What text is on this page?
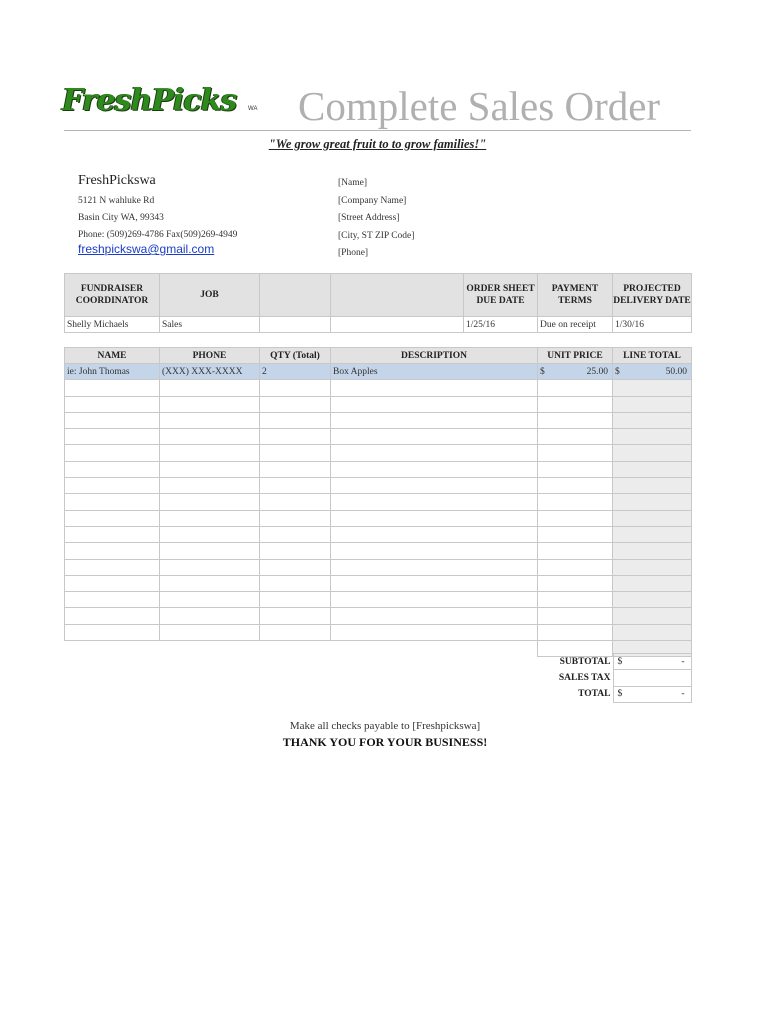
FreshPicks WA Complete Sales Order
"We grow great fruit to to grow families!"
FreshPickswa
5121 N wahluke Rd
Basin City WA, 99343
Phone: (509)269-4786 Fax(509)269-4949
freshpickswa@gmail.com
[Name]
[Company Name]
[Street Address]
[City, ST ZIP Code]
[Phone]
FUNDRAISER COORDINATOR	JOB			ORDER SHEET DUE DATE	PAYMENT TERMS	PROJECTED DELIVERY DATE
Shelly Michaels	Sales			1/25/16	Due on receipt	1/30/16
NAME	PHONE	QTY (Total)	DESCRIPTION	UNIT PRICE	LINE TOTAL
ie: John Thomas	(XXX) XXX-XXXX	2	Box Apples	$ 25.00	$ 50.00

SUBTOTAL	$ -

SALES TAX	
TOTAL	$ -
Make all checks payable to [Freshpickswa]
THANK YOU FOR YOUR BUSINESS!
